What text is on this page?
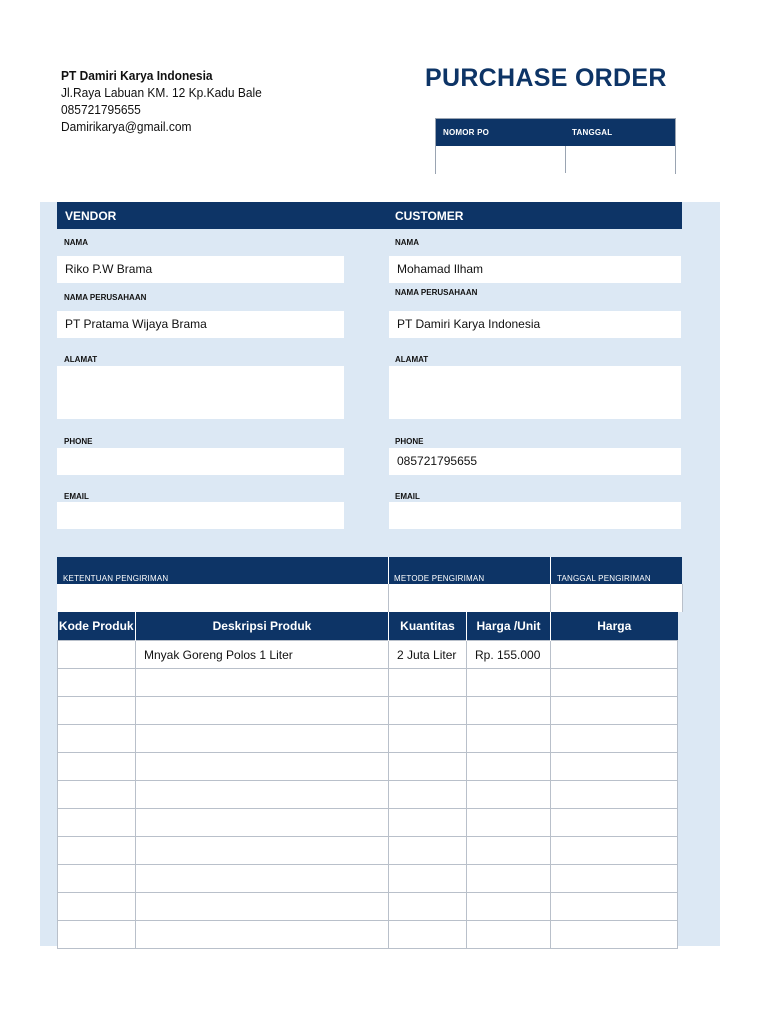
PT Damiri Karya Indonesia
Jl.Raya Labuan KM. 12 Kp.Kadu Bale
085721795655
Damirikarya@gmail.com
PURCHASE ORDER
NOMOR PO	TANGGAL
VENDOR	CUSTOMER
NAMA
Riko P.W Brama
NAMA PERUSAHAAN
PT Pratama Wijaya Brama
ALAMAT
PHONE
EMAIL
NAMA
Mohamad Ilham
NAMA PERUSAHAAN
PT Damiri Karya Indonesia
ALAMAT
PHONE
085721795655
EMAIL
KETENTUAN PENGIRIMAN	METODE PENGIRIMAN	TANGGAL PENGIRIMAN
Kode Produk	Deskripsi Produk	Kuantitas	Harga /Unit	Harga
	Mnyak Goreng Polos 1 Liter	2 Juta Liter	Rp. 155.000	
